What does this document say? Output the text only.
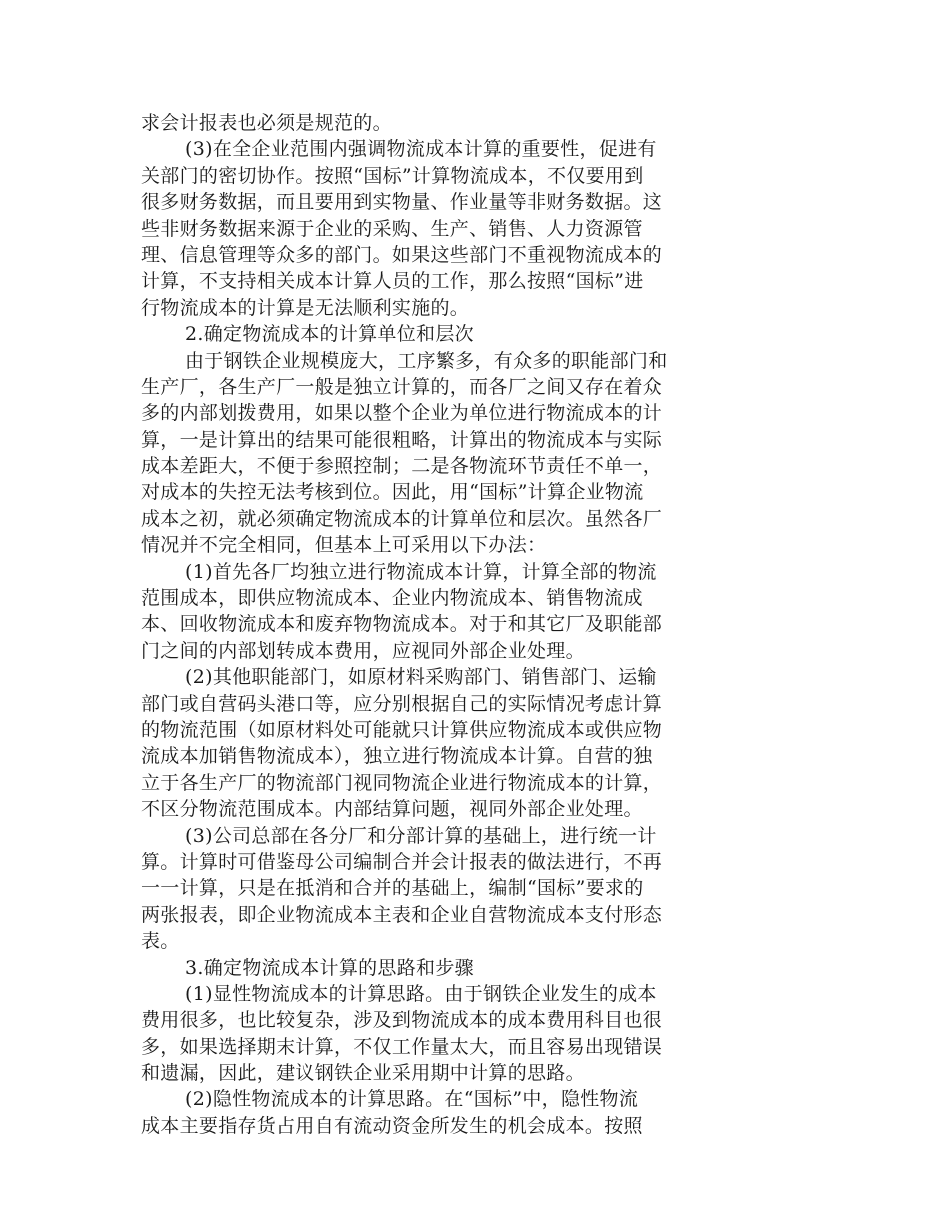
求会计报表也必须是规范的。
(3)在全企业范围内强调物流成本计算的重要性，促进有
关部门的密切协作。按照“国标”计算物流成本，不仅要用到
很多财务数据，而且要用到实物量、作业量等非财务数据。这
些非财务数据来源于企业的采购、生产、销售、人力资源管
理、信息管理等众多的部门。如果这些部门不重视物流成本的
计算，不支持相关成本计算人员的工作，那么按照“国标”进
行物流成本的计算是无法顺利实施的。
2.确定物流成本的计算单位和层次
由于钢铁企业规模庞大，工序繁多，有众多的职能部门和
生产厂，各生产厂一般是独立计算的，而各厂之间又存在着众
多的内部划拨费用，如果以整个企业为单位进行物流成本的计
算，一是计算出的结果可能很粗略，计算出的物流成本与实际
成本差距大，不便于参照控制；二是各物流环节责任不单一，
对成本的失控无法考核到位。因此，用“国标”计算企业物流
成本之初，就必须确定物流成本的计算单位和层次。虽然各厂
情况并不完全相同，但基本上可采用以下办法：
(1)首先各厂均独立进行物流成本计算，计算全部的物流
范围成本，即供应物流成本、企业内物流成本、销售物流成
本、回收物流成本和废弃物物流成本。对于和其它厂及职能部
门之间的内部划转成本费用，应视同外部企业处理。
(2)其他职能部门，如原材料采购部门、销售部门、运输
部门或自营码头港口等，应分别根据自己的实际情况考虑计算
的物流范围（如原材料处可能就只计算供应物流成本或供应物
流成本加销售物流成本），独立进行物流成本计算。自营的独
立于各生产厂的物流部门视同物流企业进行物流成本的计算，
不区分物流范围成本。内部结算问题，视同外部企业处理。
(3)公司总部在各分厂和分部计算的基础上，进行统一计
算。计算时可借鉴母公司编制合并会计报表的做法进行，不再
一一计算，只是在抵消和合并的基础上，编制“国标”要求的
两张报表，即企业物流成本主表和企业自营物流成本支付形态
表。
3.确定物流成本计算的思路和步骤
(1)显性物流成本的计算思路。由于钢铁企业发生的成本
费用很多，也比较复杂，涉及到物流成本的成本费用科目也很
多，如果选择期末计算，不仅工作量太大，而且容易出现错误
和遗漏，因此，建议钢铁企业采用期中计算的思路。
(2)隐性物流成本的计算思路。在“国标”中，隐性物流
成本主要指存货占用自有流动资金所发生的机会成本。按照
